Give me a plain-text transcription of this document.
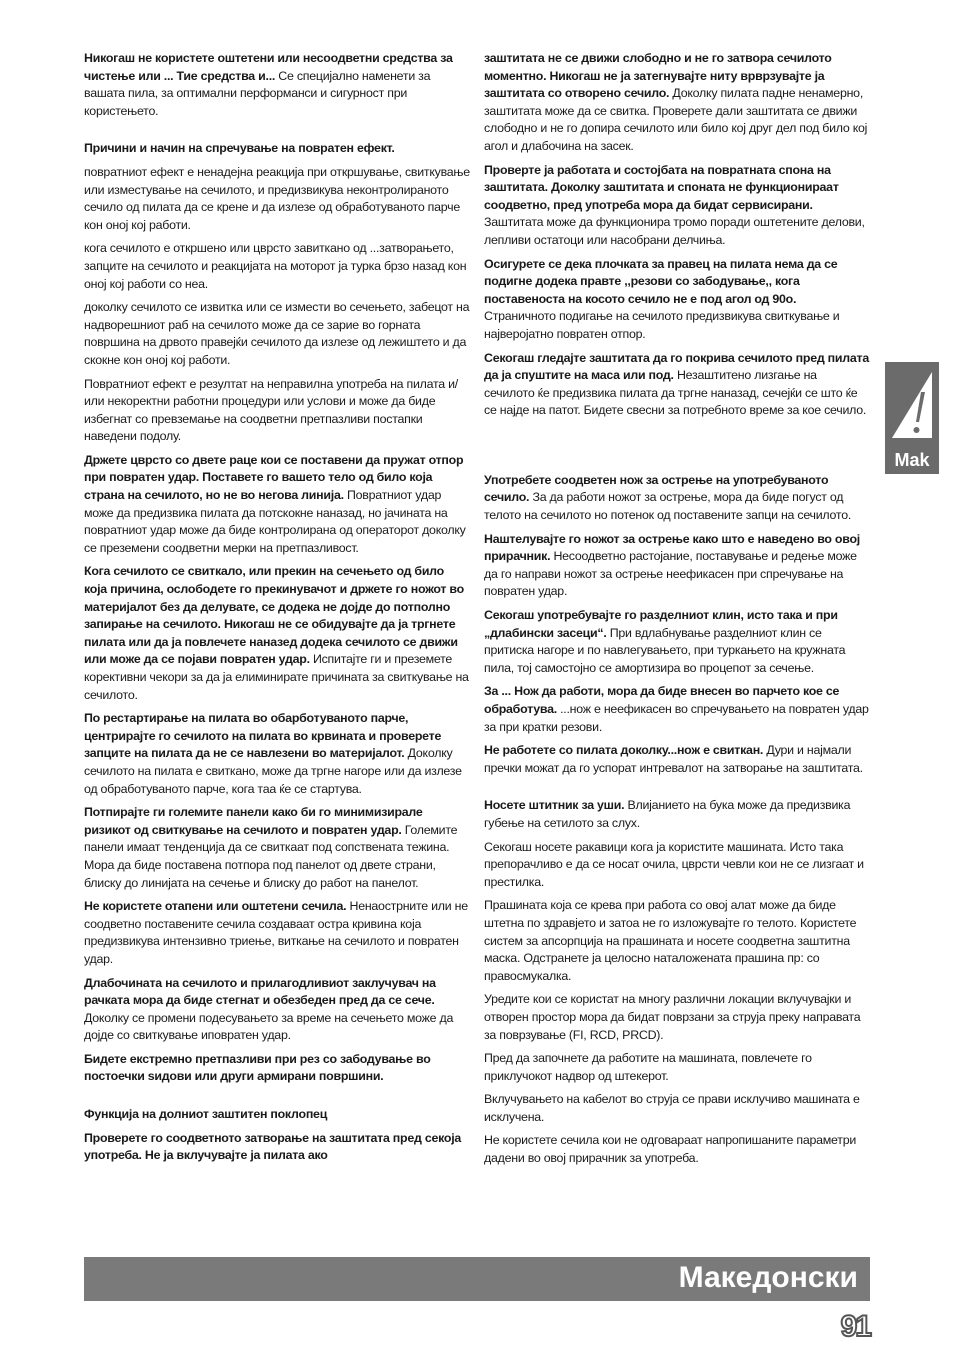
Никогаш не користете оштетени или несоодветни средства за чистење или ... Тие средства и... Се специјално наменети за вашата пила, за оптимални перформанси и сигурност при користењето.

Причини и начин на спречување на повратен ефект.

повратниот ефект е ненадејна реакција при откршување, свиткување или изместување на сечилото, и предизвикува неконтролираното сечило од пилата да се крене и да излезе од обработуваното парче кон оној кој работи.

кога сечилото е откршено или цврсто завиткано од ...затворањето, запците на сечилото и реакцијата на моторот ја турка брзо назад кон оној кој работи со неа.

доколку сечилото се извитка или се измести во сечењето, забецот на надворешниот раб на сечилото може да се зарие во горната површина на дрвото правејќи сечилото да излезе од лежиштето и да скокне кон оној кој работи.

Повратниот ефект е резултат на неправилна употреба на пилата и/или некоректни работни процедури или услови и може да биде избегнат со превземање на соодветни претпазливи постапки наведени подолу.

Држете цврсто со двете раце кои се поставени да пружат отпор при повратен удар. Поставете го вашето тело од било која страна на сечилото, но не во негова линија. Повратниот удар може да предизвика пилата да потскокне наназад, но јачината на повратниот удар може да биде контролирана од операторот доколку се преземени соодветни мерки на претпазливост.

Кога сечилото се свиткало, или прекин на сечењето од било која причина, ослободете го прекинувачот и држете го ножот во материјалот без да делувате, се додека не дојде до потполно запирање на сечилото. Никогаш не се обидувајте да ја тргнете пилата или да ја повлечете наназед додека сечилото се движи или може да се појави повратен удар. Испитајте ги и преземете корективни чекори за да ја елиминирате причината за свиткување на сечилото.

По рестартирање на пилата во обарботуваното парче, центрирајте го сечилото на пилата во крвината и проверете запците на пилата да не се навлезени во материјалот. Доколку сечилото на пилата е свиткано, може да тргне нагоре или да излезе од обработуваното парче, кога таа ќе се стартува.

Потпирајте ги големите панели како би го минимизирале ризикот од свиткување на сечилото и повратен удар. Големите панели имаат тенденција да се свиткаат под сопствената тежина. Мора да биде поставена потпора под панелот од двете страни, блиску до линијата на сечење и блиску до работ на панелот.

Не користете отапени или оштетени сечила. Ненаострните или не соодветно поставените сечила создаваат остра кривина која предизвикува интензивно триење, виткање на сечилото и повратен удар.

Длабочината на сечилото и прилагодливиот заклучувач на рачката мора да биде стегнат и обезбеден пред да се сече. Доколку се промени подесувањето за време на сечењето може да дојде со свиткување иповратен удар.

Бидете екстремно претпазливи при рез со забодување во постоечки ѕидови или други армирани површини.

Функција на долниот заштитен поклопец

Проверете го соодветното затворање на заштитата пред секоја употреба. Не ја вклучувајте ја пилата ако

заштитата не се движи слободно и не го затвора сечилото моментно. Никогаш не ја затегнувајте ниту врврзувајте ја заштитата со отворено сечило. Доколку пилата падне ненамерно, заштитата може да се свитка. Проверете дали заштитата се движи слободно и не го допира сечилото или било кој друг дел под било кој агол и длабочина на засек.

Проверте ја работата и состојбата на повратната спона на заштитата. Доколку заштитата и споната не функционираат соодветно, пред употреба мора да бидат сервисирани. Заштитата може да функционира тромо поради оштетените делови, лепливи остатоци или насобрани делчиња.

Осигурете се дека плочката за правец на пилата нема да се подигне додека правте ,,резови со забодување,, кога поставеноста на косото сечило не е под агол од 90o. Страничното подигање на сечилото предизвикува свиткување и најверојатно повратен отпор.

Секогаш гледајте заштитата да го покрива сечилото пред пилата да ја спуштите на маса или под. Незаштитено лизгање на сечилото ќе предизвика пилата да тргне наназад, сечејќи се што ќе се најде на патот. Бидете свесни за потребното време за кое сечило.

Употребете соодветен нож за острење на употребуваното сечило. За да работи ножот за острење, мора да биде погуст од телото на сечилото но потенок од поставените запци на сечилото.

Наштелувајте го ножот за острење како што е наведено во овој прирачник. Несоодветно растојание, поставување и редење може да го направи ножот за острење неефикасен при спречување на повратен удар.

Секогаш употребувајте го разделниот клин, исто така и при „длабински засеци“. При вдлабнување разделниот клин се притиска нагоре и по навлегувањето, при туркањето на кружната пила, тој самостојно се амортизира во процепот за сечење.

За ... Нож да работи, мора да биде внесен во парчето кое се обработува. ...нож е неефикасен во спречувањето на повратен удар за при кратки резови.

Не работете со пилата доколку...нож е свиткан. Дури и најмали пречки можат да го успорат интревалот на затворање на заштитата.

Носете штитник за уши. Влијанието на бука може да предизвика губење на сетилото за слух.

Секогаш носете ракавици кога ја користите машината. Исто така препорачливо е да се носат очила, цврсти чевли кои не се лизгаат и престилка.

Прашината која се крева при работа со овој алат може да биде штетна по здравјето и затоа не го изложувајте го телото. Користете систем за апсорпција на прашината и носете соодветна заштитна маска. Одстранете ја целосно наталожената прашина пр: со правосмукалка.

Уредите кои се користат на многу различни локации вклучувајки и отворен простор мора да бидат поврзани за струја преку направата за поврзување (FI, RCD, PRCD).

Пред да започнете да работите на машината, повлечете го приклучокот надвор од штекерот.

Вклучувањето на кабелот во струја се прави исклучиво машината е исклучена.

Не користете сечила кои не одговараат напропишаните параметри дадени во овој прирачник за употреба.

Mak
Македонски
91
